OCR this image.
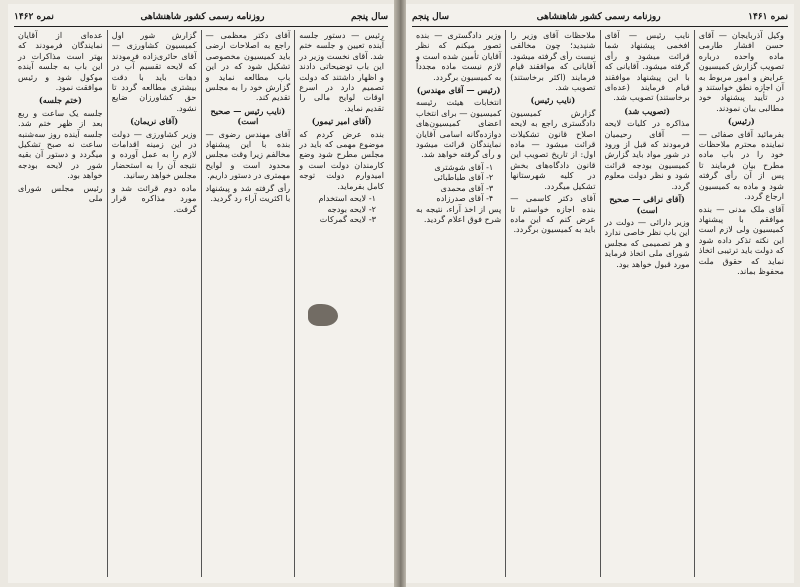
نمره ۱۴۶۱
روزنامه رسمی کشور شاهنشاهی
سال پنجم

وکیل آذربایجان — آقای حسن افشار طارمی ماده واحده درباره تصویب گزارش کمیسیون عرایض و امور مربوط به آن اجازه نطق خواستند و در تأیید پیشنهاد خود مطالبی بیان نمودند.

(رئیس)

بفرمائید آقای صفائی — نماینده محترم ملاحظات خود را در باب ماده مطرح بیان فرمایند تا پس از آن رأی گرفته شود و ماده به کمیسیون ارجاع گردد.

آقای ملک مدنی — بنده موافقم با پیشنهاد کمیسیون ولی لازم است این نکته تذکر داده شود که دولت باید ترتیبی اتخاذ نماید که حقوق ملت محفوظ بماند.

نایب رئیس — آقای افخمی پیشنهاد شما قرائت میشود و رأی گرفته میشود. آقایانی که با این پیشنهاد موافقند قیام فرمایند (عده‌ای برخاستند) تصویب شد.

(تصویب شد)

مذاکره در کلیات لایحه — آقای رحیمیان فرمودند که قبل از ورود در شور مواد باید گزارش کمیسیون بودجه قرائت شود و نظر دولت معلوم گردد.

(آقای نراقی — صحیح است)

وزیر دارائی — دولت در این باب نظر خاصی ندارد و هر تصمیمی که مجلس شورای ملی اتخاذ فرماید مورد قبول خواهد بود.

ملاحظات آقای وزیر را شنیدید؛ چون مخالفی نیست رأی گرفته میشود. آقایانی که موافقند قیام فرمایند (اکثر برخاستند) تصویب شد.

(نایب رئیس)

گزارش کمیسیون دادگستری راجع به لایحه اصلاح قانون تشکیلات قرائت میشود — ماده اول: از تاریخ تصویب این قانون دادگاه‌های بخش در کلیه شهرستانها تشکیل میگردد.

آقای دکتر کاسمی — بنده اجازه خواستم تا عرض کنم که این ماده باید به کمیسیون برگردد.

وزیر دادگستری — بنده تصور میکنم که نظر آقایان تأمین شده است و لازم نیست ماده مجدداً به کمیسیون برگردد.

(رئیس — آقای مهندس)

انتخابات هیئت رئیسه کمیسیون — برای انتخاب اعضای کمیسیون‌های دوازده‌گانه اسامی آقایان نمایندگان قرائت میشود و رأی گرفته خواهد شد.

۱- آقای شوشتری
۲- آقای طباطبائی
۳- آقای محمدی
۴- آقای صدرزاده

پس از اخذ آراء، نتیجه به شرح فوق اعلام گردید.

سال پنجم
روزنامه رسمی کشور شاهنشاهی
نمره ۱۴۶۲

رئیس — دستور جلسه آینده تعیین و جلسه ختم شد. آقای نخست وزیر در این باب توضیحاتی دادند و اظهار داشتند که دولت تصمیم دارد در اسرع اوقات لوایح مالی را تقدیم نماید.

(آقای امیر تیمور)

بنده عرض کردم که موضوع مهمی که باید در مجلس مطرح شود وضع کارمندان دولت است و امیدوارم دولت توجه کامل بفرماید.

۱- لایحه استخدام
۲- لایحه بودجه
۳- لایحه گمرکات

آقای دکتر معظمی — راجع به اصلاحات ارضی باید کمیسیون مخصوصی تشکیل شود که در این باب مطالعه نماید و گزارش خود را به مجلس تقدیم کند.

(نایب رئیس — صحیح است)

آقای مهندس رضوی — بنده با این پیشنهاد مخالفم زیرا وقت مجلس محدود است و لوایح مهمتری در دستور داریم.

رأی گرفته شد و پیشنهاد با اکثریت آراء رد گردید.

گزارش شور اول کمیسیون کشاورزی — آقای حائری‌زاده فرمودند که لایحه تقسیم آب در دهات باید با دقت بیشتری مطالعه گردد تا حق کشاورزان ضایع نشود.

(آقای نریمان)

وزیر کشاورزی — دولت در این زمینه اقدامات لازم را به عمل آورده و نتیجه آن را به استحضار مجلس خواهد رسانید.

ماده دوم قرائت شد و مورد مذاکره قرار گرفت.

عده‌ای از آقایان نمایندگان فرمودند که بهتر است مذاکرات در این باب به جلسه آینده موکول شود و رئیس موافقت نمود.

(ختم جلسه)

جلسه یک ساعت و ربع بعد از ظهر ختم شد. جلسه آینده روز سه‌شنبه ساعت نه صبح تشکیل میگردد و دستور آن بقیه شور در لایحه بودجه خواهد بود.

رئیس مجلس شورای ملی
